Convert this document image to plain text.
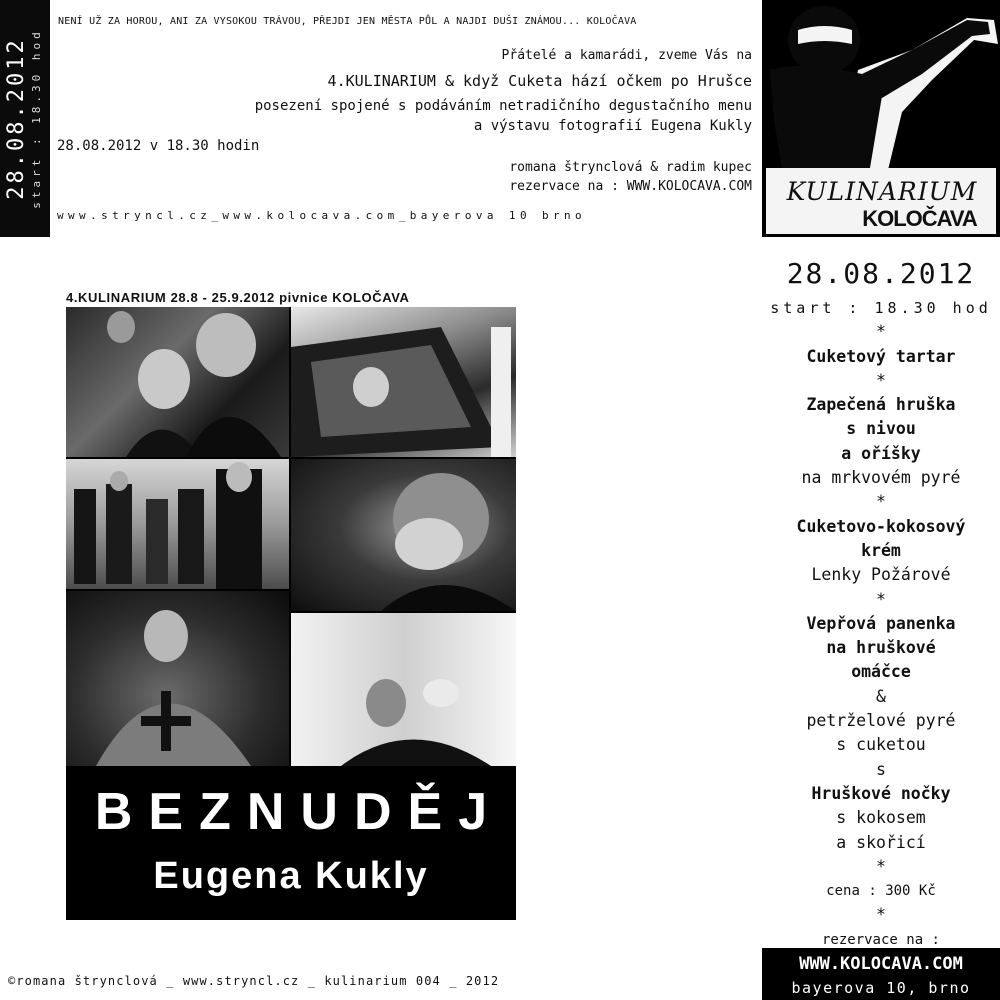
28.08.2012 start : 18.30 hod
NENÍ UŽ ZA HOROU, ANI ZA VYSOKOU TRÁVOU, PŘEJDI JEN MĚSTA PŮL A NAJDI DUŠI ZNÁMOU... KOLOČAVA
Přátelé a kamarádi, zveme Vás na
4.KULINARIUM & když Cuketa hází očkem po Hrušce
posezení spojené s podáváním netradičního degustačního menu
a výstavu fotografií Eugena Kukly
28.08.2012 v 18.30 hodin
romana štrynclová & radim kupec
rezervace na : WWW.KOLOCAVA.COM
www.stryncl.cz_www.kolocava.com_bayerova 10 brno
KULINARIUM
KOLOČAVA
4.KULINARIUM 28.8 - 25.9.2012 pivnice KOLOČAVA
BEZNUDĚJ
Eugena Kukly
28.08.2012
start : 18.30 hod
*
Cuketový tartar
*
Zapečená hruška
s nivou
a oříšky
na mrkvovém pyré
*
Cuketovo-kokosový
krém
Lenky Požárové
*
Vepřová panenka
na hruškové
omáčce
&
petrželové pyré
s cuketou
s
Hruškové nočky
s kokosem
a skořicí
*
cena : 300 Kč
*
rezervace na :
WWW.KOLOCAVA.COM
bayerova 10, brno
©romana štrynclová _ www.stryncl.cz _ kulinarium 004 _ 2012
